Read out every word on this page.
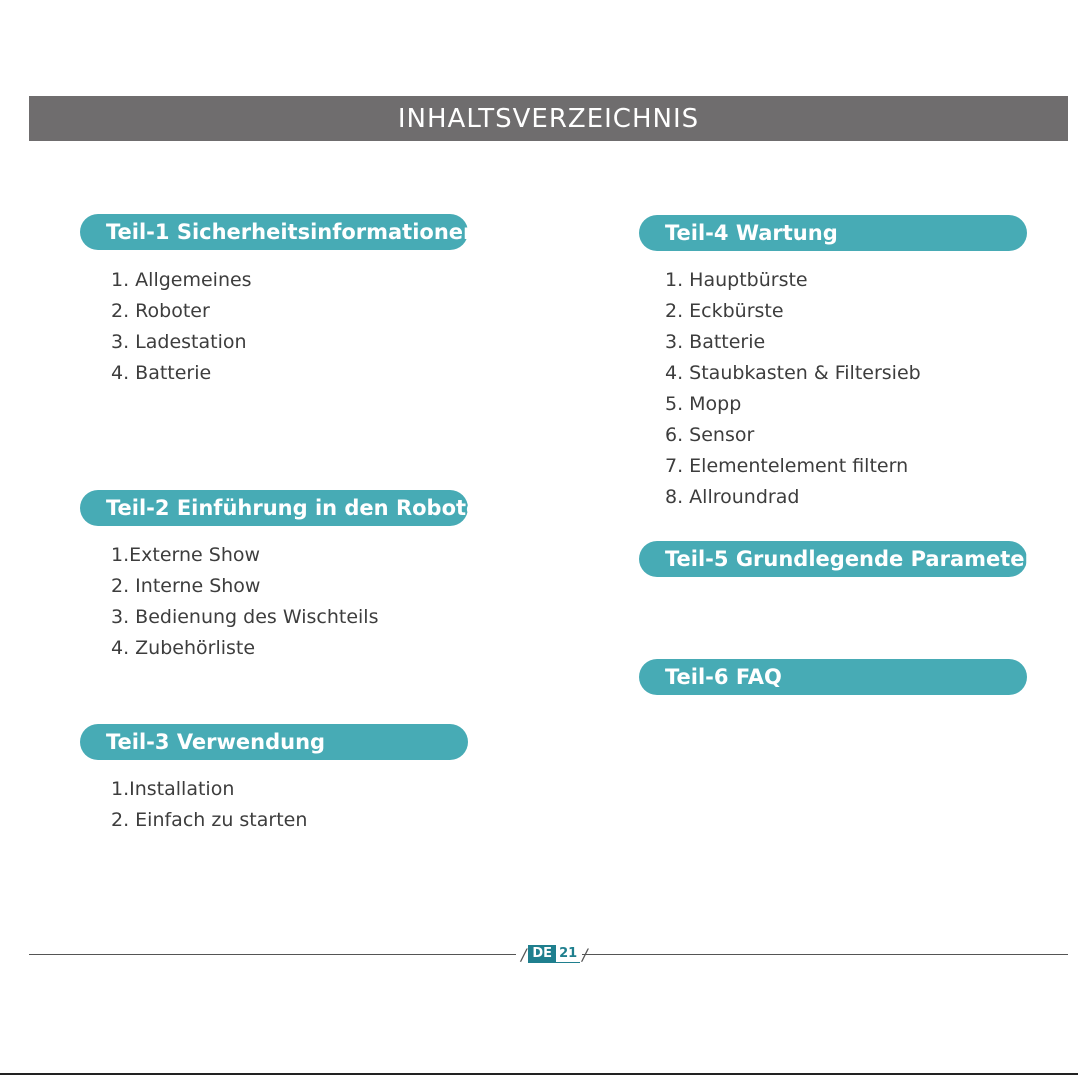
INHALTSVERZEICHNIS
Teil-1 Sicherheitsinformationen
1. Allgemeines
2. Roboter
3. Ladestation
4. Batterie
Teil-2 Einführung in den Roboter
1.Externe Show
2. Interne Show
3. Bedienung des Wischteils
4. Zubehörliste
Teil-3 Verwendung
1.Installation
2. Einfach zu starten
Teil-4 Wartung
1. Hauptbürste
2. Eckbürste
3. Batterie
4. Staubkasten & Filtersieb
5. Mopp
6. Sensor
7. Elementelement filtern
8. Allroundrad
Teil-5 Grundlegende Parameter
Teil-6 FAQ
/ DE 21
